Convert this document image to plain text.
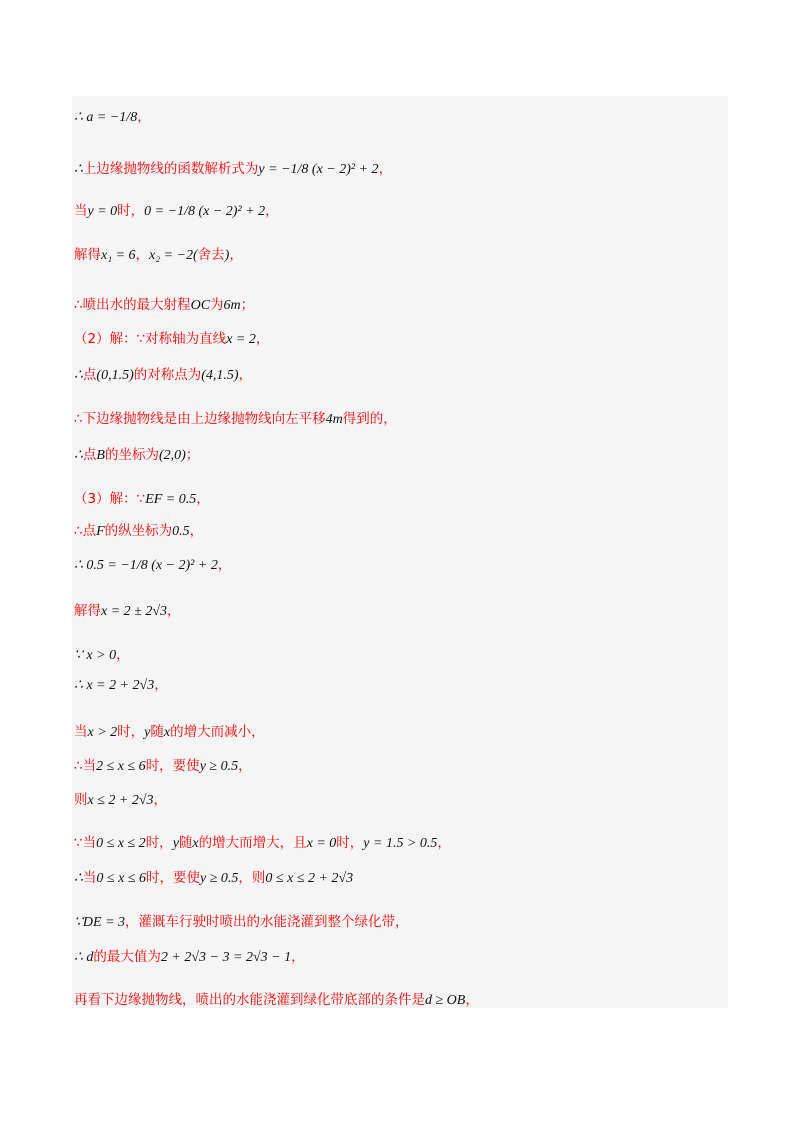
∴ a = −1/8，
∴上边缘抛物线的函数解析式为y = −1/8 (x − 2)² + 2，
当y = 0时，0 = −1/8 (x − 2)² + 2，
解得x₁ = 6，x₂ = −2(舍去)，
∴喷出水的最大射程OC为6m；
（2）解：∵对称轴为直线x = 2，
∴点(0,1.5)的对称点为(4,1.5)，
∴下边缘抛物线是由上边缘抛物线向左平移4m得到的，
∴点B的坐标为(2,0)；
（3）解：∵EF = 0.5，
∴点F的纵坐标为0.5，
∴ 0.5 = −1/8 (x − 2)² + 2，
解得x = 2 ± 2√3，
∵ x > 0，
∴ x = 2 + 2√3，
当x > 2时，y随x的增大而减小，
∴当2 ≤ x ≤ 6时，要使y ≥ 0.5，
则x ≤ 2 + 2√3，
∵当0 ≤ x ≤ 2时，y随x的增大而增大，且x = 0时，y = 1.5 > 0.5，
∴当0 ≤ x ≤ 6时，要使y ≥ 0.5，则0 ≤ x ≤ 2 + 2√3
∵DE = 3，灌溉车行驶时喷出的水能浇灌到整个绿化带，
∴ d的最大值为2 + 2√3 − 3 = 2√3 − 1，
再看下边缘抛物线，喷出的水能浇灌到绿化带底部的条件是d ≥ OB，
